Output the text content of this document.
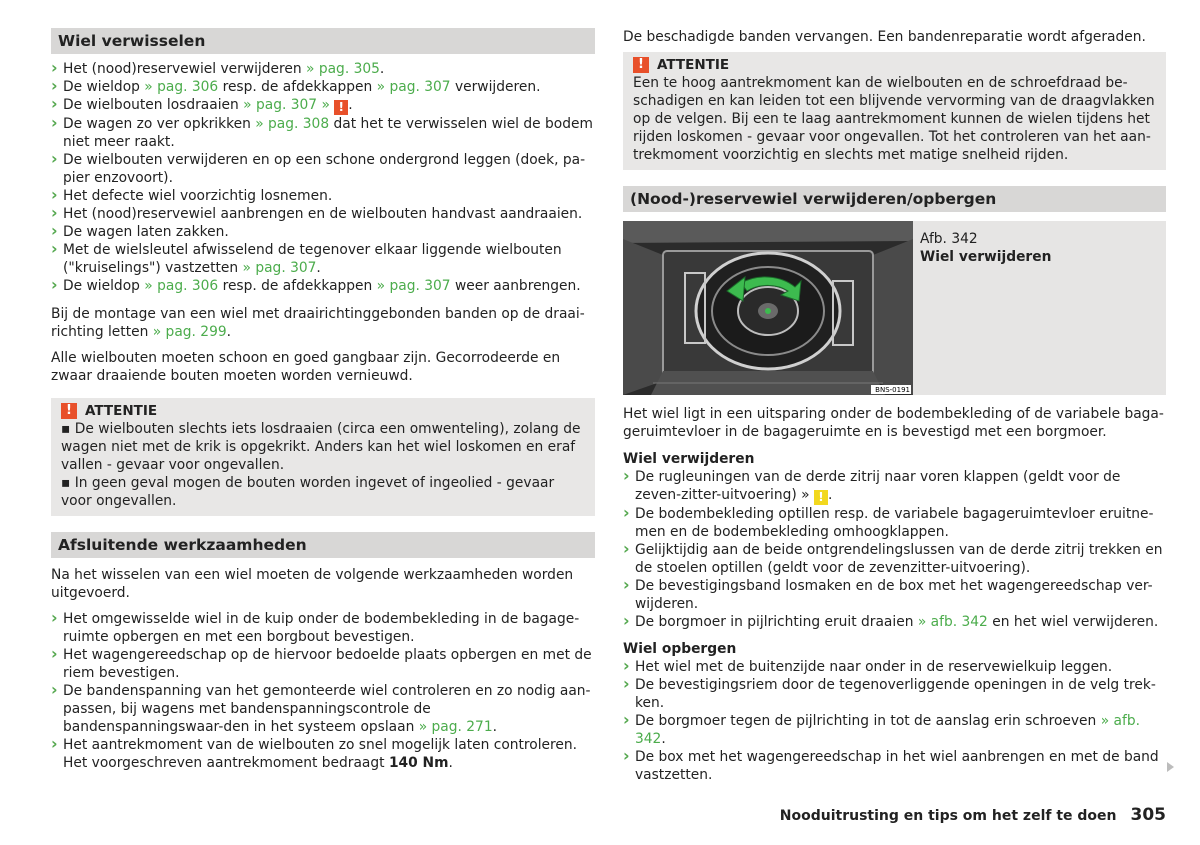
Wiel verwisselen
› Het (nood)reservewiel verwijderen » pag. 305.
› De wieldop » pag. 306 resp. de afdekkappen » pag. 307 verwijderen.
› De wielbouten losdraaien » pag. 307 » ! .
› De wagen zo ver opkrikken » pag. 308 dat het te verwisselen wiel de bodem niet meer raakt.
› De wielbouten verwijderen en op een schone ondergrond leggen (doek, pa-pier enzovoort).
› Het defecte wiel voorzichtig losnemen.
› Het (nood)reservewiel aanbrengen en de wielbouten handvast aandraaien.
› De wagen laten zakken.
› Met de wielsleutel afwisselend de tegenover elkaar liggende wielbouten ("kruiselings") vastzetten » pag. 307.
› De wieldop » pag. 306 resp. de afdekkappen » pag. 307 weer aanbrengen.

Bij de montage van een wiel met draairichtinggebonden banden op de draai-richting letten » pag. 299.

Alle wielbouten moeten schoon en goed gangbaar zijn. Gecorrodeerde en zwaar draaiende bouten moeten worden vernieuwd.

! ATTENTIE

▪ De wielbouten slechts iets losdraaien (circa een omwenteling), zolang de wagen niet met de krik is opgekrikt. Anders kan het wiel loskomen en eraf vallen - gevaar voor ongevallen.

▪ In geen geval mogen de bouten worden ingevet of ingeolied - gevaar voor ongevallen.

Afsluitende werkzaamheden

Na het wisselen van een wiel moeten de volgende werkzaamheden worden uitgevoerd.

› Het omgewisselde wiel in de kuip onder de bodembekleding in de bagage-ruimte opbergen en met een borgbout bevestigen.
› Het wagengereedschap op de hiervoor bedoelde plaats opbergen en met de riem bevestigen.
› De bandenspanning van het gemonteerde wiel controleren en zo nodig aan-passen, bij wagens met bandenspanningscontrole de bandenspanningswaar-den in het systeem opslaan » pag. 271.
› Het aantrekmoment van de wielbouten zo snel mogelijk laten controleren. Het voorgeschreven aantrekmoment bedraagt 140 Nm.

De beschadigde banden vervangen. Een bandenreparatie wordt afgeraden.

! ATTENTIE

Een te hoog aantrekmoment kan de wielbouten en de schroefdraad be-schadigen en kan leiden tot een blijvende vervorming van de draagvlakken op de velgen. Bij een te laag aantrekmoment kunnen de wielen tijdens het rijden loskomen - gevaar voor ongevallen. Tot het controleren van het aan-trekmoment voorzichtig en slechts met matige snelheid rijden.

(Nood-)reservewiel verwijderen/opbergen
BNS-0191
Afb. 342
Wiel verwijderen

Het wiel ligt in een uitsparing onder de bodembekleding of de variabele baga-geruimtevloer in de bagageruimte en is bevestigd met een borgmoer.

Wiel verwijderen

› De rugleuningen van de derde zitrij naar voren klappen (geldt voor de zeven-zitter-uitvoering) » ! .
› De bodembekleding optillen resp. de variabele bagageruimtevloer eruitne-men en de bodembekleding omhoogklappen.
› Gelijktijdig aan de beide ontgrendelingslussen van de derde zitrij trekken en de stoelen optillen (geldt voor de zevenzitter-uitvoering).
› De bevestigingsband losmaken en de box met het wagengereedschap ver-wijderen.
› De borgmoer in pijlrichting eruit draaien » afb. 342 en het wiel verwijderen.

Wiel opbergen

› Het wiel met de buitenzijde naar onder in de reservewielkuip leggen.
› De bevestigingsriem door de tegenoverliggende openingen in de velg trek-ken.
› De borgmoer tegen de pijlrichting in tot de aanslag erin schroeven » afb. 342.
› De box met het wagengereedschap in het wiel aanbrengen en met de band vastzetten.
Nooduitrusting en tips om het zelf te doen 305
